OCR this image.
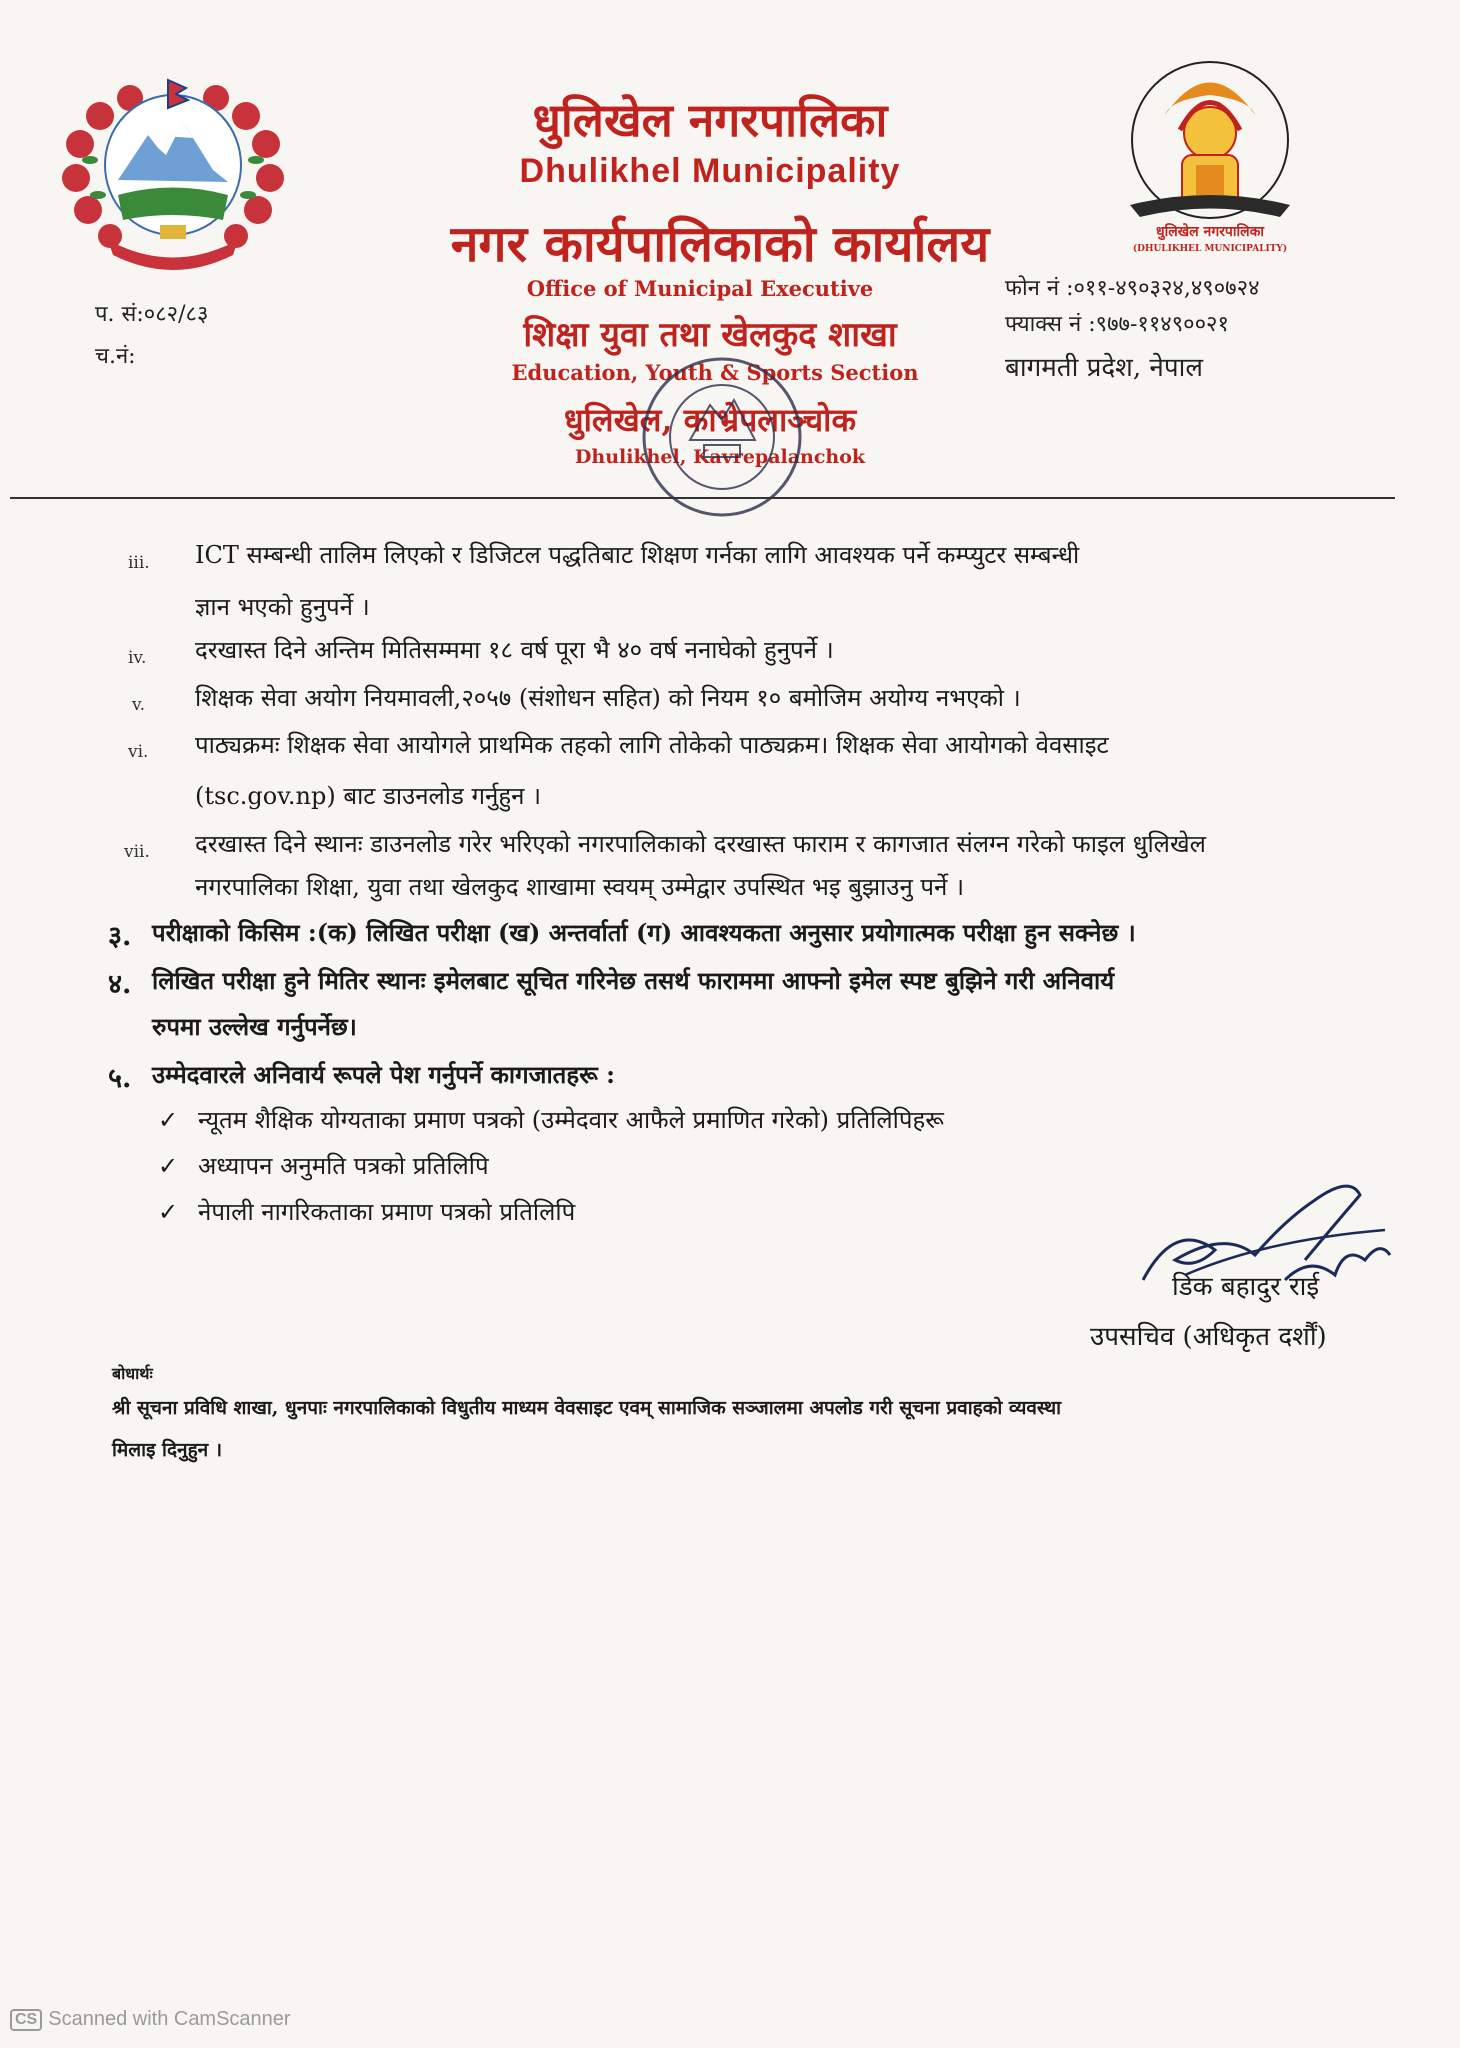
धुलिखेल नगरपालिका
(DHULIKHEL MUNICIPALITY)
धुलिखेल नगरपालिका
Dhulikhel Municipality
नगर कार्यपालिकाको कार्यालय
Office of Municipal Executive
शिक्षा युवा तथा खेलकुद शाखा
Education, Youth & Sports Section
धुलिखेल, काभ्रेपलाञ्चोक
Dhulikhel, Kavrepalanchok
फोन नं :०११-४९०३२४,४९०७२४
फ्याक्स नं :९७७-११४९००२१
बागमती प्रदेश, नेपाल
प. सं:०८२/८३
च.नं:
iii. ICT सम्बन्धी तालिम लिएको र डिजिटल पद्धतिबाट शिक्षण गर्नका लागि आवश्यक पर्ने कम्प्युटर सम्बन्धी
ज्ञान भएको हुनुपर्ने ।
iv. दरखास्त दिने अन्तिम मितिसम्ममा १८ वर्ष पूरा भै ४० वर्ष ननाघेको हुनुपर्ने ।
v. शिक्षक सेवा अयोग नियमावली,२०५७ (संशोधन सहित) को नियम १० बमोजिम अयोग्य नभएको ।
vi. पाठ्यक्रमः शिक्षक सेवा आयोगले प्राथमिक तहको लागि तोकेको पाठ्यक्रम। शिक्षक सेवा आयोगको वेवसाइट
(tsc.gov.np) बाट डाउनलोड गर्नुहुन ।
vii. दरखास्त दिने स्थानः डाउनलोड गरेर भरिएको नगरपालिकाको दरखास्त फाराम र कागजात संलग्न गरेको फाइल धुलिखेल
नगरपालिका शिक्षा, युवा तथा खेलकुद शाखामा स्वयम् उम्मेद्वार उपस्थित भइ बुझाउनु पर्ने ।
३. परीक्षाको किसिम :(क) लिखित परीक्षा (ख) अन्तर्वार्ता (ग) आवश्यकता अनुसार प्रयोगात्मक परीक्षा हुन सक्नेछ ।
४. लिखित परीक्षा हुने मितिर स्थानः इमेलबाट सूचित गरिनेछ तसर्थ फाराममा आफ्नो इमेल स्पष्ट बुझिने गरी अनिवार्य
रुपमा उल्लेख गर्नुपर्नेछ।
५. उम्मेदवारले अनिवार्य रूपले पेश गर्नुपर्ने कागजातहरू :
✓ न्यूतम शैक्षिक योग्यताका प्रमाण पत्रको (उम्मेदवार आफैले प्रमाणित गरेको) प्रतिलिपिहरू
✓ अध्यापन अनुमति पत्रको प्रतिलिपि
✓ नेपाली नागरिकताका प्रमाण पत्रको प्रतिलिपि
डिक बहादुर राई
उपसचिव (अधिकृत दर्शौं)
बोधार्थः
श्री सूचना प्रविधि शाखा, धुनपाः नगरपालिकाको विधुतीय माध्यम वेवसाइट एवम् सामाजिक सञ्जालमा अपलोड गरी सूचना प्रवाहको व्यवस्था
मिलाइ दिनुहुन ।
CS Scanned with CamScanner
